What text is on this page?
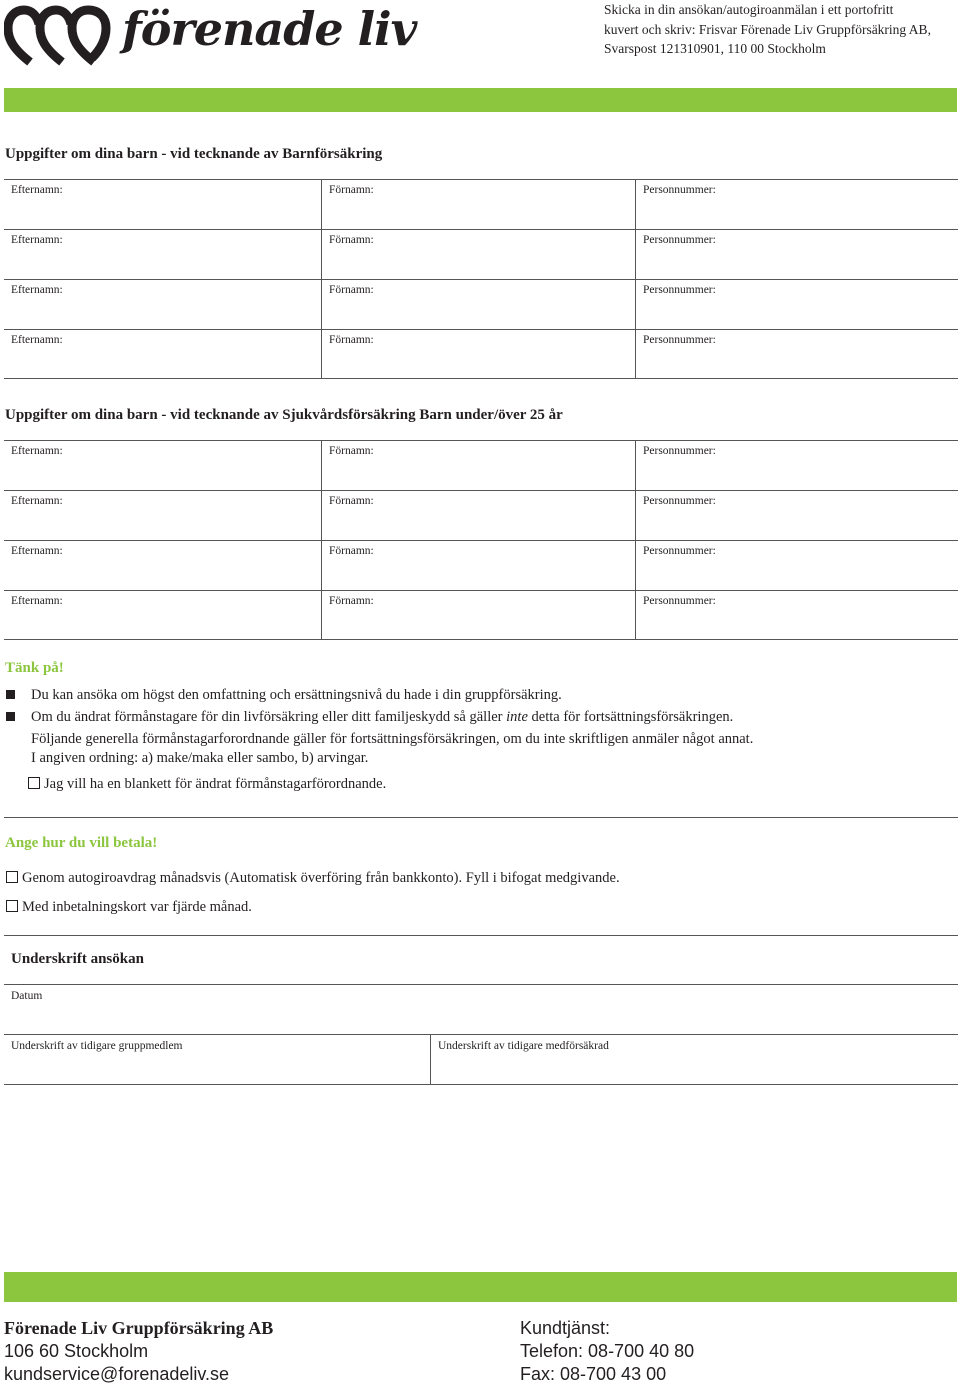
förenade liv	Skicka in din ansökan/autogiroanmälan i ett portofritt
kuvert och skriv: Frisvar Förenade Liv Gruppförsäkring AB,
Svarspost 121310901, 110 00 Stockholm
Uppgifter om dina barn - vid tecknande av Barnförsäkring
Efternamn:	Förnamn:	Personnummer:
Efternamn:	Förnamn:	Personnummer:
Efternamn:	Förnamn:	Personnummer:
Efternamn:	Förnamn:	Personnummer:
Uppgifter om dina barn - vid tecknande av Sjukvårdsförsäkring Barn under/över 25 år
Efternamn:	Förnamn:	Personnummer:
Efternamn:	Förnamn:	Personnummer:
Efternamn:	Förnamn:	Personnummer:
Efternamn:	Förnamn:	Personnummer:
Tänk på!
Du kan ansöka om högst den omfattning och ersättningsnivå du hade i din gruppförsäkring.
Om du ändrat förmånstagare för din livförsäkring eller ditt familjeskydd så gäller inte detta för fortsättningsförsäkringen.
Följande generella förmånstagarforordnande gäller för fortsättningsförsäkringen, om du inte skriftligen anmäler något annat.
I angiven ordning: a) make/maka eller sambo, b) arvingar.
Jag vill ha en blankett för ändrat förmånstagarförordnande.
Ange hur du vill betala!
Genom autogiroavdrag månadsvis (Automatisk överföring från bankkonto). Fyll i bifogat medgivande.
Med inbetalningskort var fjärde månad.
Underskrift ansökan
Datum
Underskrift av tidigare gruppmedlem	Underskrift av tidigare medförsäkrad
Förenade Liv Gruppförsäkring AB
106 60 Stockholm
kundservice@forenadeliv.se
Kundtjänst:
Telefon: 08-700 40 80
Fax: 08-700 43 00
